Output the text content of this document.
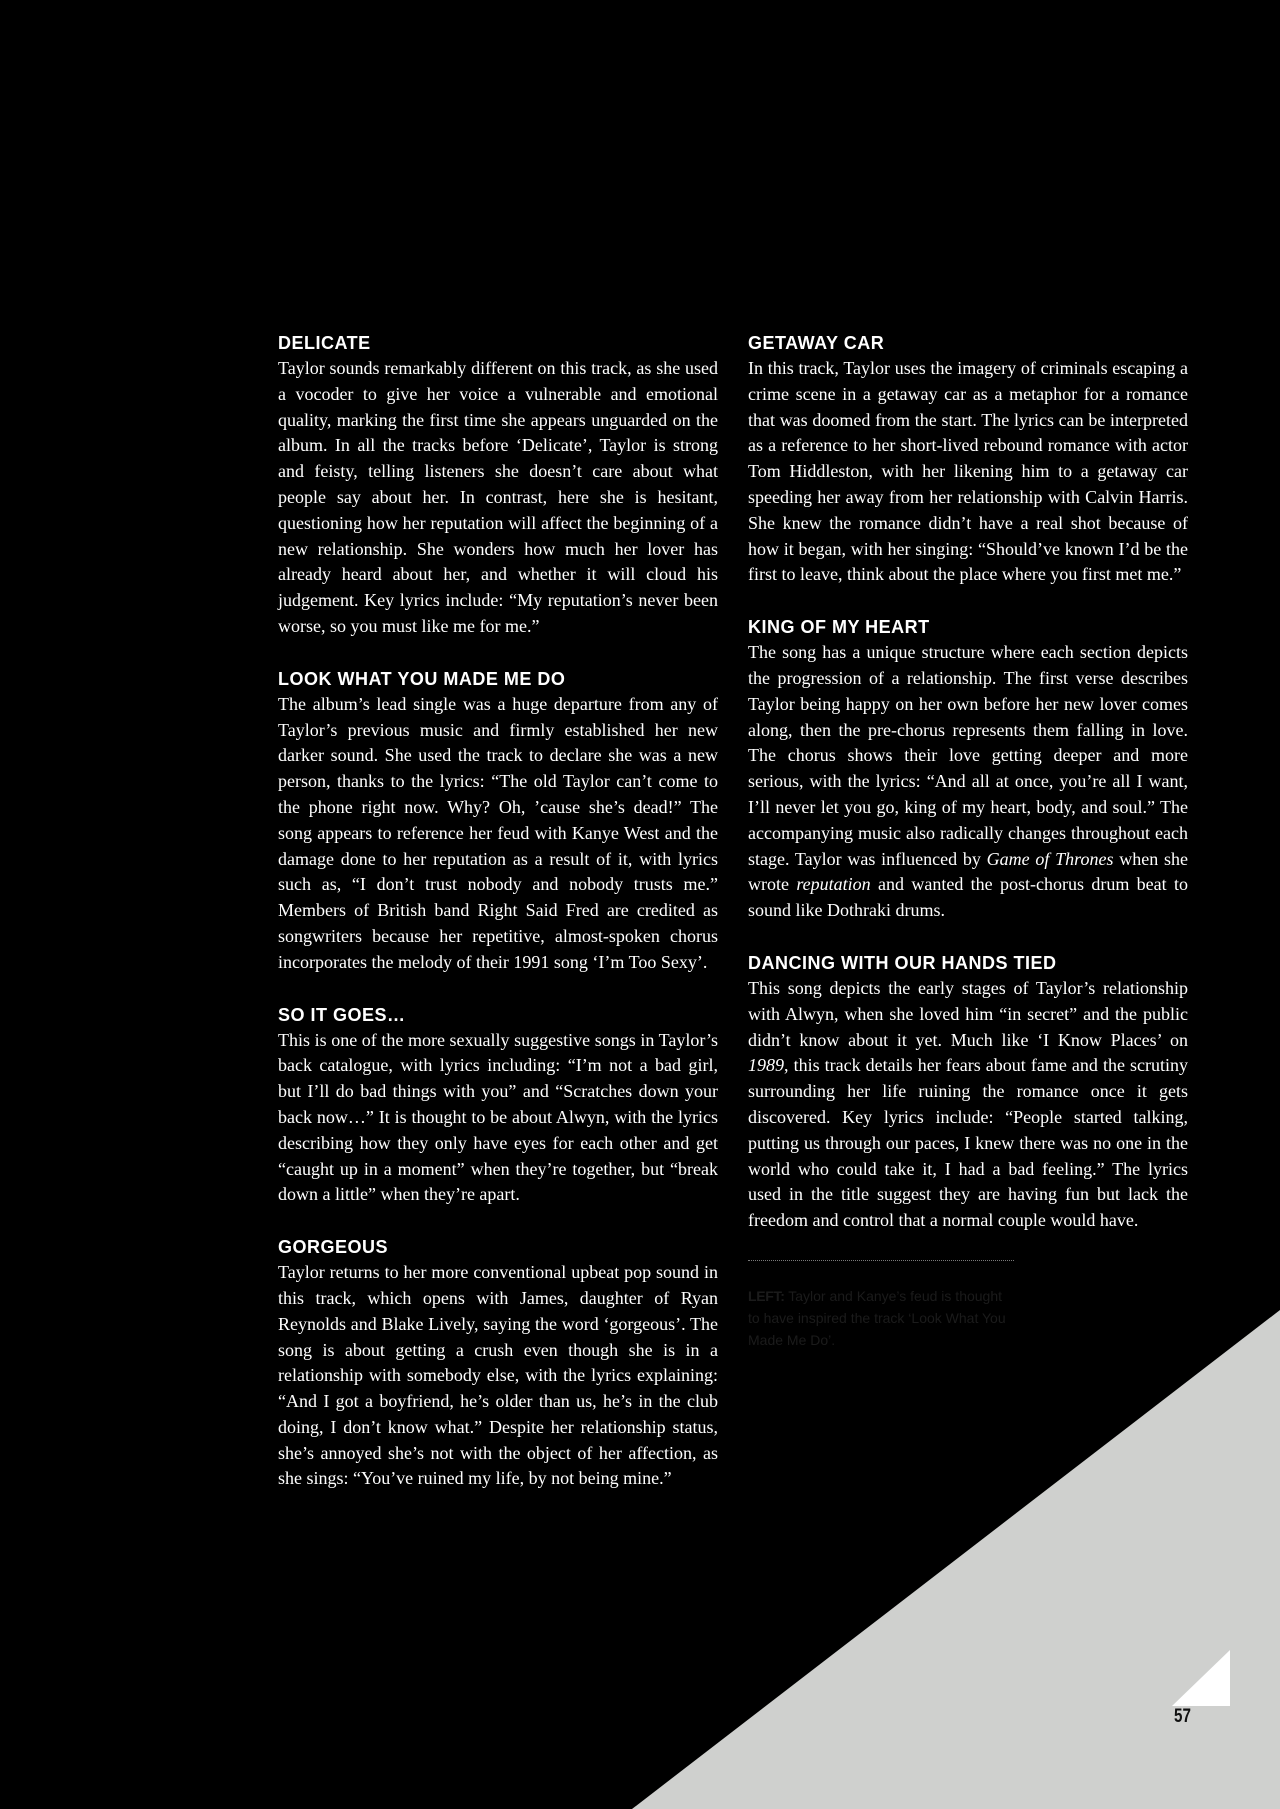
DELICATE

Taylor sounds remarkably different on this track, as she used a vocoder to give her voice a vulnerable and emotional quality, marking the first time she appears unguarded on the album. In all the tracks before ‘Delicate’, Taylor is strong and feisty, telling listeners she doesn’t care about what people say about her. In contrast, here she is hesitant, questioning how her reputation will affect the beginning of a new relationship. She wonders how much her lover has already heard about her, and whether it will cloud his judgement. Key lyrics include: “My reputation’s never been worse, so you must like me for me.”

LOOK WHAT YOU MADE ME DO

The album’s lead single was a huge departure from any of Taylor’s previous music and firmly established her new darker sound. She used the track to declare she was a new person, thanks to the lyrics: “The old Taylor can’t come to the phone right now. Why? Oh, ’cause she’s dead!” The song appears to reference her feud with Kanye West and the damage done to her reputation as a result of it, with lyrics such as, “I don’t trust nobody and nobody trusts me.” Members of British band Right Said Fred are credited as songwriters because her repetitive, almost-spoken chorus incorporates the melody of their 1991 song ‘I’m Too Sexy’.

SO IT GOES…

This is one of the more sexually suggestive songs in Taylor’s back catalogue, with lyrics including: “I’m not a bad girl, but I’ll do bad things with you” and “Scratches down your back now…” It is thought to be about Alwyn, with the lyrics describing how they only have eyes for each other and get “caught up in a moment” when they’re together, but “break down a little” when they’re apart.

GORGEOUS

Taylor returns to her more conventional upbeat pop sound in this track, which opens with James, daughter of Ryan Reynolds and Blake Lively, saying the word ‘gorgeous’. The song is about getting a crush even though she is in a relationship with somebody else, with the lyrics explaining: “And I got a boyfriend, he’s older than us, he’s in the club doing, I don’t know what.” Despite her relationship status, she’s annoyed she’s not with the object of her affection, as she sings: “You’ve ruined my life, by not being mine.”

GETAWAY CAR

In this track, Taylor uses the imagery of criminals escaping a crime scene in a getaway car as a metaphor for a romance that was doomed from the start. The lyrics can be interpreted as a reference to her short-lived rebound romance with actor Tom Hiddleston, with her likening him to a getaway car speeding her away from her relationship with Calvin Harris. She knew the romance didn’t have a real shot because of how it began, with her singing: “Should’ve known I’d be the first to leave, think about the place where you first met me.”

KING OF MY HEART

The song has a unique structure where each section depicts the progression of a relationship. The first verse describes Taylor being happy on her own before her new lover comes along, then the pre-chorus represents them falling in love. The chorus shows their love getting deeper and more serious, with the lyrics: “And all at once, you’re all I want, I’ll never let you go, king of my heart, body, and soul.” The accompanying music also radically changes throughout each stage. Taylor was influenced by Game of Thrones when she wrote reputation and wanted the post-chorus drum beat to sound like Dothraki drums.

DANCING WITH OUR HANDS TIED

This song depicts the early stages of Taylor’s relationship with Alwyn, when she loved him “in secret” and the public didn’t know about it yet. Much like ‘I Know Places’ on 1989, this track details her fears about fame and the scrutiny surrounding her life ruining the romance once it gets discovered. Key lyrics include: “People started talking, putting us through our paces, I knew there was no one in the world who could take it, I had a bad feeling.” The lyrics used in the title suggest they are having fun but lack the freedom and control that a normal couple would have.

LEFT: Taylor and Kanye’s feud is thought to have inspired the track ‘Look What You Made Me Do’.
57
